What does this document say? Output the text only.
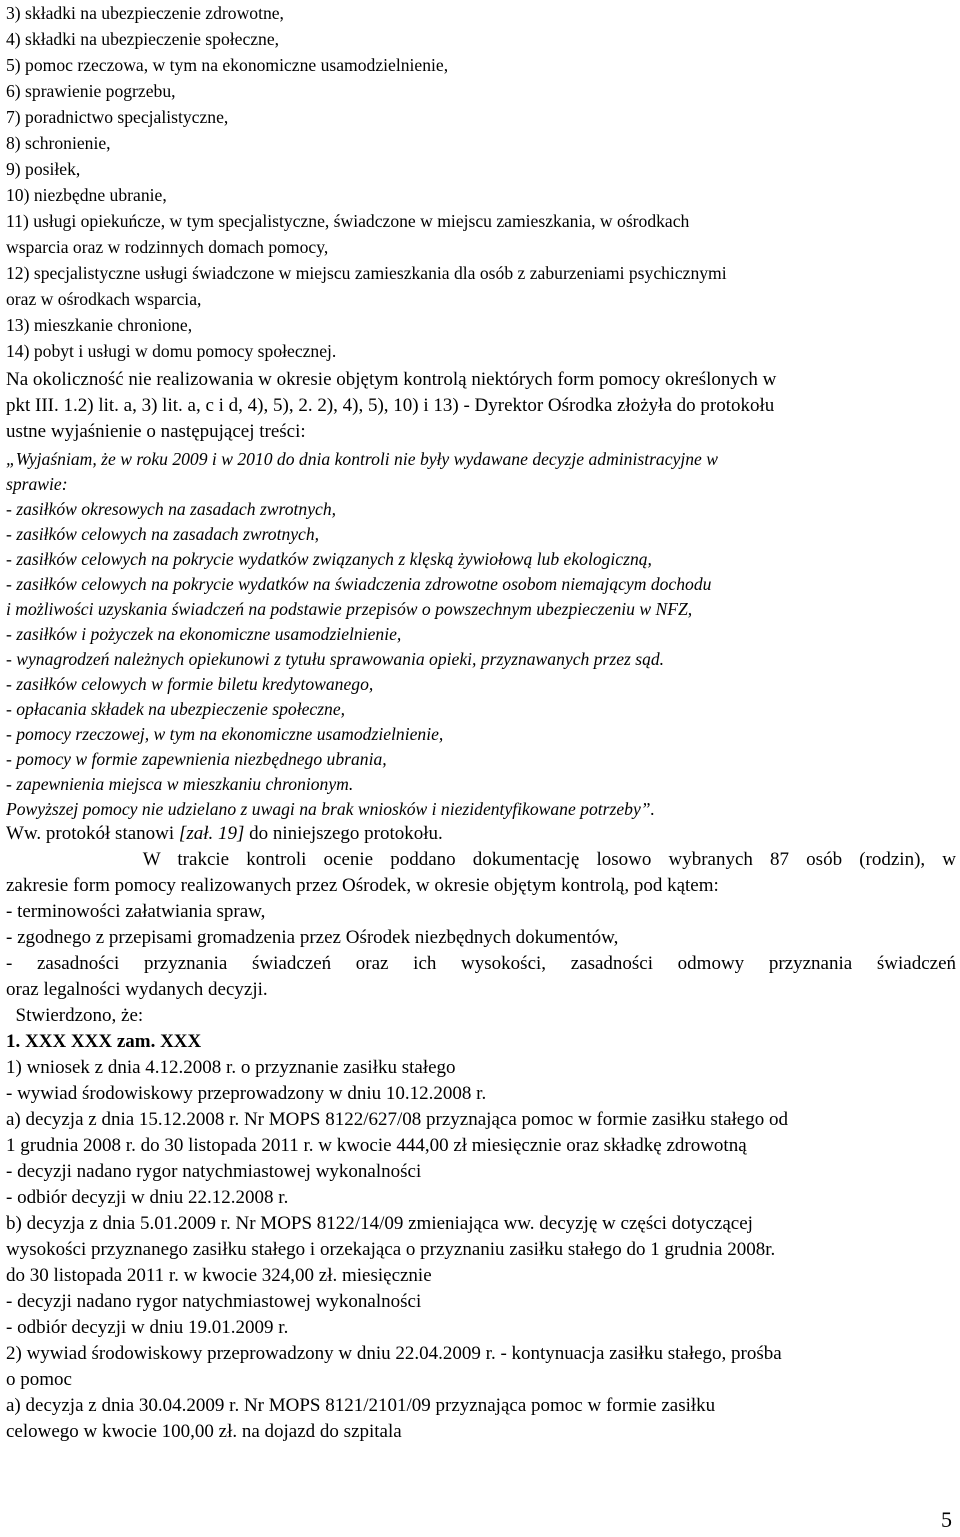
3) składki na ubezpieczenie zdrowotne,
4) składki na ubezpieczenie społeczne,
5) pomoc rzeczowa, w tym na ekonomiczne usamodzielnienie,
6) sprawienie pogrzebu,
7) poradnictwo specjalistyczne,
8) schronienie,
9) posiłek,
10) niezbędne ubranie,
11) usługi opiekuńcze, w tym specjalistyczne, świadczone w miejscu zamieszkania, w ośrodkach
wsparcia oraz w rodzinnych domach pomocy,
12) specjalistyczne usługi świadczone w miejscu zamieszkania dla osób z zaburzeniami psychicznymi
oraz w ośrodkach wsparcia,
13) mieszkanie chronione,
14) pobyt i usługi w domu pomocy społecznej.
Na okoliczność nie realizowania w okresie objętym kontrolą niektórych form pomocy określonych w
pkt III. 1.2) lit. a, 3) lit. a, c i d, 4), 5), 2. 2), 4), 5), 10) i 13) - Dyrektor Ośrodka złożyła do protokołu
ustne wyjaśnienie o następującej treści:
„Wyjaśniam, że w roku 2009 i w 2010 do dnia kontroli nie były wydawane decyzje administracyjne w
sprawie:
- zasiłków okresowych na zasadach zwrotnych,
- zasiłków celowych na zasadach zwrotnych,
- zasiłków celowych na pokrycie wydatków związanych z klęską żywiołową lub ekologiczną,
- zasiłków celowych na pokrycie wydatków na świadczenia zdrowotne osobom niemającym dochodu
i możliwości uzyskania świadczeń na podstawie przepisów o powszechnym ubezpieczeniu w NFZ,
- zasiłków i pożyczek na ekonomiczne usamodzielnienie,
- wynagrodzeń należnych opiekunowi z tytułu sprawowania opieki, przyznawanych przez sąd.
- zasiłków celowych w formie biletu kredytowanego,
- opłacania składek na ubezpieczenie społeczne,
- pomocy rzeczowej, w tym na ekonomiczne usamodzielnienie,
- pomocy w formie zapewnienia niezbędnego ubrania,
- zapewnienia miejsca w mieszkaniu chronionym.
Powyższej pomocy nie udzielano z uwagi na brak wniosków i niezidentyfikowane potrzeby”.
Ww. protokół stanowi [zał. 19] do niniejszego protokołu.
W trakcie kontroli ocenie poddano dokumentację losowo wybranych 87 osób (rodzin), w
zakresie form pomocy realizowanych przez Ośrodek, w okresie objętym kontrolą, pod kątem:
- terminowości załatwiania spraw,
- zgodnego z przepisami gromadzenia przez Ośrodek niezbędnych dokumentów,
- zasadności przyznania świadczeń oraz ich wysokości, zasadności odmowy przyznania świadczeń
oraz legalności wydanych decyzji.
Stwierdzono, że:
1. XXX XXX zam. XXX
1) wniosek z dnia 4.12.2008 r. o przyznanie zasiłku stałego
- wywiad środowiskowy przeprowadzony w dniu 10.12.2008 r.
a) decyzja z dnia 15.12.2008 r. Nr MOPS 8122/627/08 przyznająca pomoc w formie zasiłku stałego od
1 grudnia 2008 r. do 30 listopada 2011 r. w kwocie 444,00 zł miesięcznie oraz składkę zdrowotną
- decyzji nadano rygor natychmiastowej wykonalności
- odbiór decyzji w dniu 22.12.2008 r.
b) decyzja z dnia 5.01.2009 r. Nr MOPS 8122/14/09 zmieniająca ww. decyzję w części dotyczącej
wysokości przyznanego zasiłku stałego i orzekająca o przyznaniu zasiłku stałego do 1 grudnia 2008r.
do 30 listopada 2011 r. w kwocie 324,00 zł. miesięcznie
- decyzji nadano rygor natychmiastowej wykonalności
- odbiór decyzji w dniu 19.01.2009 r.
2) wywiad środowiskowy przeprowadzony w dniu 22.04.2009 r. - kontynuacja zasiłku stałego, prośba
o pomoc
a) decyzja z dnia 30.04.2009 r. Nr MOPS 8121/2101/09 przyznająca pomoc w formie zasiłku
celowego w kwocie 100,00 zł. na dojazd do szpitala
5
